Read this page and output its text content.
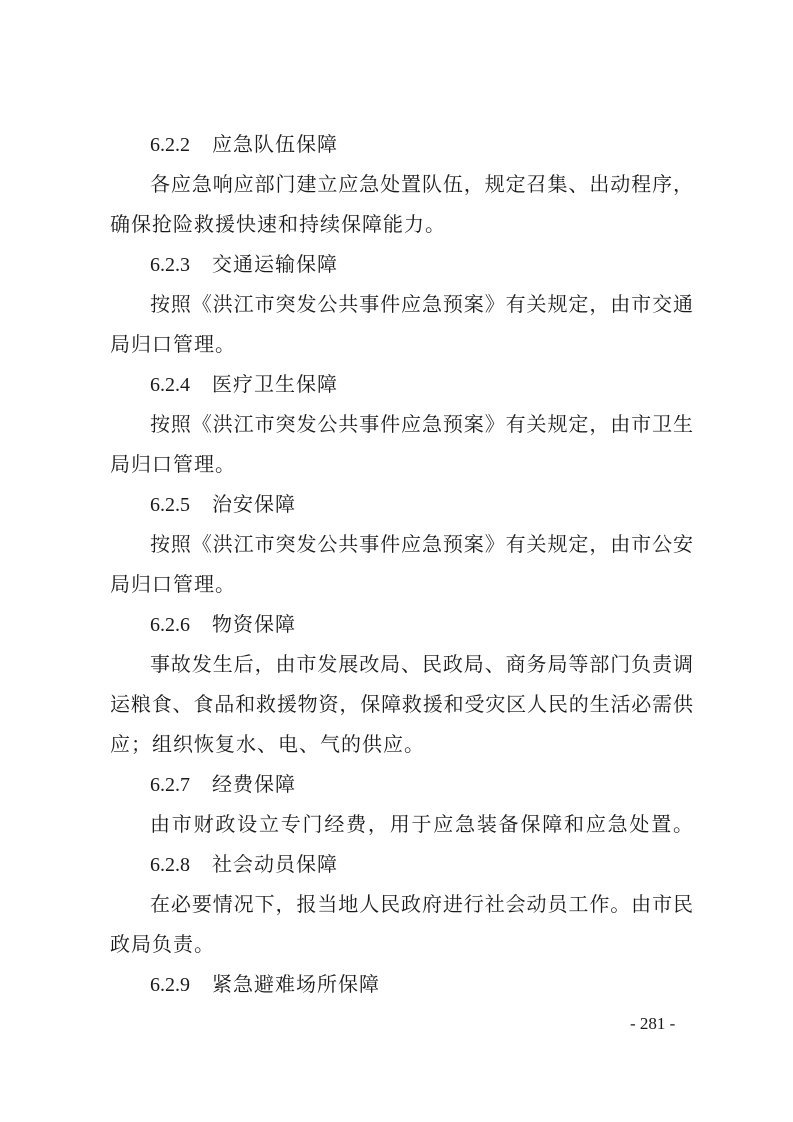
6.2.2 应急队伍保障
各应急响应部门建立应急处置队伍，规定召集、出动程序，
确保抢险救援快速和持续保障能力。
6.2.3 交通运输保障
按照《洪江市突发公共事件应急预案》有关规定，由市交通
局归口管理。
6.2.4 医疗卫生保障
按照《洪江市突发公共事件应急预案》有关规定，由市卫生
局归口管理。
6.2.5 治安保障
按照《洪江市突发公共事件应急预案》有关规定，由市公安
局归口管理。
6.2.6 物资保障
事故发生后，由市发展改局、民政局、商务局等部门负责调
运粮食、食品和救援物资，保障救援和受灾区人民的生活必需供
应；组织恢复水、电、气的供应。
6.2.7 经费保障
由市财政设立专门经费，用于应急装备保障和应急处置。
6.2.8 社会动员保障
在必要情况下，报当地人民政府进行社会动员工作。由市民
政局负责。
6.2.9 紧急避难场所保障
- 281 -
